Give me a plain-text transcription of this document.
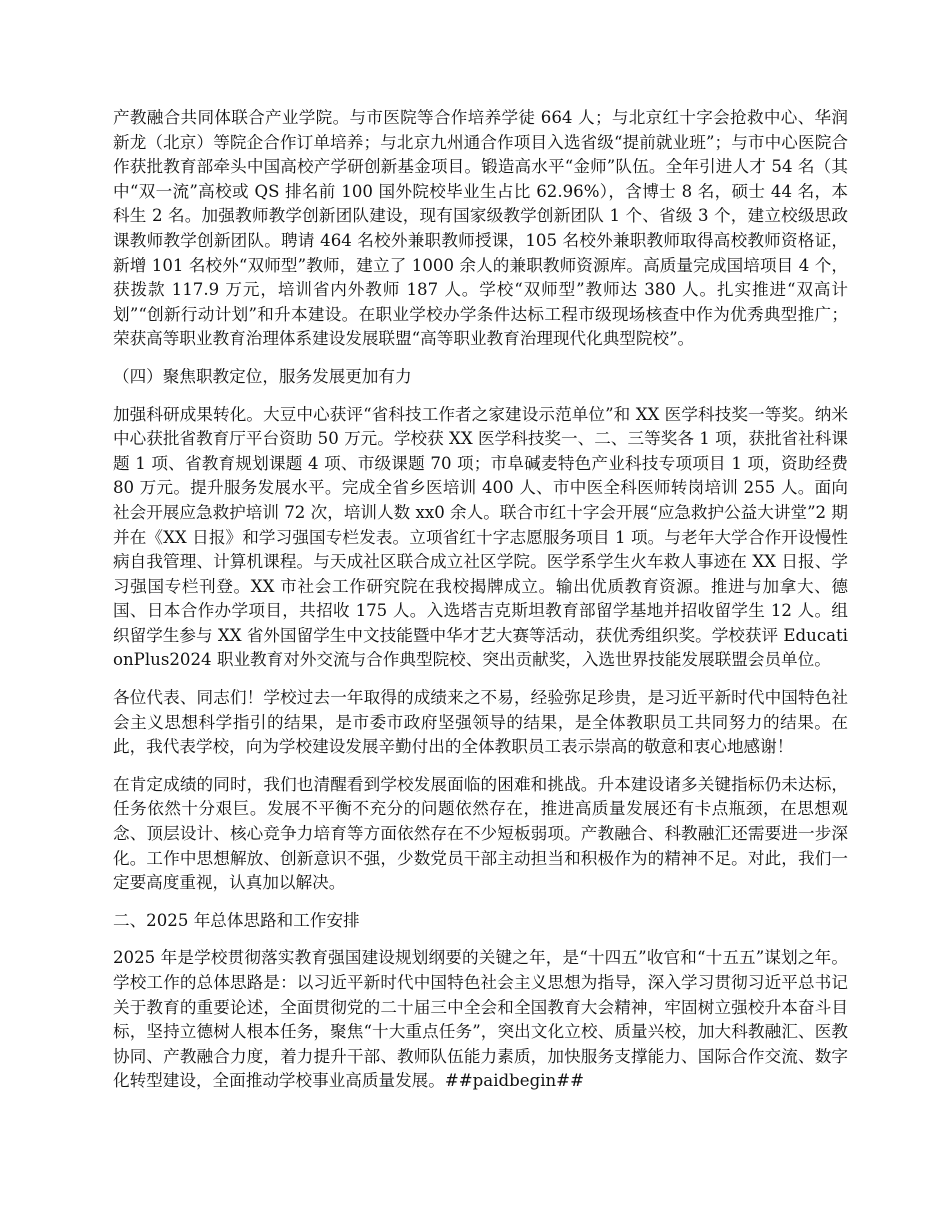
产教融合共同体联合产业学院。与市医院等合作培养学徒 664 人；与北京红十字会抢救中心、华润新龙（北京）等院企合作订单培养；与北京九州通合作项目入选省级“提前就业班”；与市中心医院合作获批教育部牵头中国高校产学研创新基金项目。锻造高水平“金师”队伍。全年引进人才 54 名（其中“双一流”高校或 QS 排名前 100 国外院校毕业生占比 62.96%），含博士 8 名，硕士 44 名，本科生 2 名。加强教师教学创新团队建设，现有国家级教学创新团队 1 个、省级 3 个，建立校级思政课教师教学创新团队。聘请 464 名校外兼职教师授课，105 名校外兼职教师取得高校教师资格证，新增 101 名校外“双师型”教师，建立了 1000 余人的兼职教师资源库。高质量完成国培项目 4 个，获拨款 117.9 万元，培训省内外教师 187 人。学校“双师型”教师达 380 人。扎实推进“双高计划”“创新行动计划”和升本建设。在职业学校办学条件达标工程市级现场核查中作为优秀典型推广；荣获高等职业教育治理体系建设发展联盟“高等职业教育治理现代化典型院校”。

（四）聚焦职教定位，服务发展更加有力

加强科研成果转化。大豆中心获评“省科技工作者之家建设示范单位”和 XX 医学科技奖一等奖。纳米中心获批省教育厅平台资助 50 万元。学校获 XX 医学科技奖一、二、三等奖各 1 项，获批省社科课题 1 项、省教育规划课题 4 项、市级课题 70 项；市阜碱麦特色产业科技专项项目 1 项，资助经费 80 万元。提升服务发展水平。完成全省乡医培训 400 人、市中医全科医师转岗培训 255 人。面向社会开展应急救护培训 72 次，培训人数 xx0 余人。联合市红十字会开展“应急救护公益大讲堂”2 期并在《XX 日报》和学习强国专栏发表。立项省红十字志愿服务项目 1 项。与老年大学合作开设慢性病自我管理、计算机课程。与天成社区联合成立社区学院。医学系学生火车救人事迹在 XX 日报、学习强国专栏刊登。XX 市社会工作研究院在我校揭牌成立。输出优质教育资源。推进与加拿大、德国、日本合作办学项目，共招收 175 人。入选塔吉克斯坦教育部留学基地并招收留学生 12 人。组织留学生参与 XX 省外国留学生中文技能暨中华才艺大赛等活动，获优秀组织奖。学校获评 EducationPlus2024 职业教育对外交流与合作典型院校、突出贡献奖，入选世界技能发展联盟会员单位。

各位代表、同志们！学校过去一年取得的成绩来之不易，经验弥足珍贵，是习近平新时代中国特色社会主义思想科学指引的结果，是市委市政府坚强领导的结果，是全体教职员工共同努力的结果。在此，我代表学校，向为学校建设发展辛勤付出的全体教职员工表示崇高的敬意和衷心地感谢！

在肯定成绩的同时，我们也清醒看到学校发展面临的困难和挑战。升本建设诸多关键指标仍未达标，任务依然十分艰巨。发展不平衡不充分的问题依然存在，推进高质量发展还有卡点瓶颈，在思想观念、顶层设计、核心竞争力培育等方面依然存在不少短板弱项。产教融合、科教融汇还需要进一步深化。工作中思想解放、创新意识不强，少数党员干部主动担当和积极作为的精神不足。对此，我们一定要高度重视，认真加以解决。

二、2025 年总体思路和工作安排

2025 年是学校贯彻落实教育强国建设规划纲要的关键之年，是“十四五”收官和“十五五”谋划之年。学校工作的总体思路是：以习近平新时代中国特色社会主义思想为指导，深入学习贯彻习近平总书记关于教育的重要论述，全面贯彻党的二十届三中全会和全国教育大会精神，牢固树立强校升本奋斗目标，坚持立德树人根本任务，聚焦“十大重点任务”，突出文化立校、质量兴校，加大科教融汇、医教协同、产教融合力度，着力提升干部、教师队伍能力素质，加快服务支撑能力、国际合作交流、数字化转型建设，全面推动学校事业高质量发展。##paidbegin##
